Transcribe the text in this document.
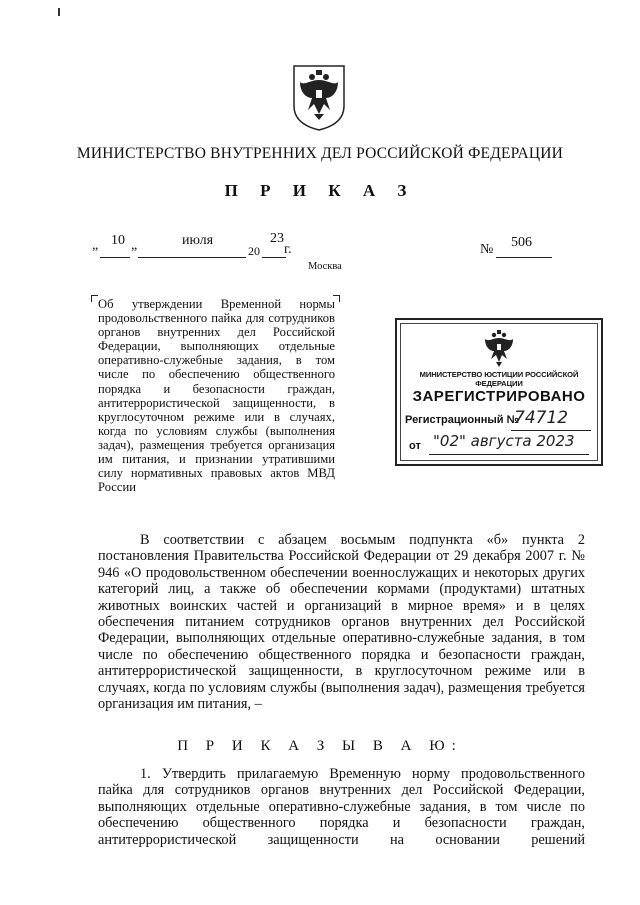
МИНИСТЕРСТВО ВНУТРЕННИХ ДЕЛ РОССИЙСКОЙ ФЕДЕРАЦИИ
П Р И К А З
„ 10 „	июля
20
23
г.
Москва
№ 506
Об утверждении Временной нормы продовольственного пайка для сотрудников органов внутренних дел Российской Федерации, выполняющих отдельные оперативно-служебные задания, в том числе по обеспечению общественного порядка и безопасности граждан, антитеррористической защищенности, в круглосуточном режиме или в случаях, когда по условиям службы (выполнения задач), размещения требуется организация им питания, и признании утратившими силу нормативных правовых актов МВД России
МИНИСТЕРСТВО ЮСТИЦИИ РОССИЙСКОЙ ФЕДЕРАЦИИ
ЗАРЕГИСТРИРОВАНО
Регистрационный №
74712
от "02" августа 2023

В соответствии с абзацем восьмым подпункта «б» пункта 2 постановления Правительства Российской Федерации от 29 декабря 2007 г. № 946 «О продовольственном обеспечении военнослужащих и некоторых других категорий лиц, а также об обеспечении кормами (продуктами) штатных животных воинских частей и организаций в мирное время» и в целях обеспечения питанием сотрудников органов внутренних дел Российской Федерации, выполняющих отдельные оперативно-служебные задания, в том числе по обеспечению общественного порядка и безопасности граждан, антитеррористической защищенности, в круглосуточном режиме или в случаях, когда по условиям службы (выполнения задач), размещения требуется организация им питания, –

П Р И К А З Ы В А Ю:

1. Утвердить прилагаемую Временную норму продовольственного пайка для сотрудников органов внутренних дел Российской Федерации, выполняющих отдельные оперативно-служебные задания, в том числе по обеспечению общественного порядка и безопасности граждан, антитеррористической защищенности на основании решений
